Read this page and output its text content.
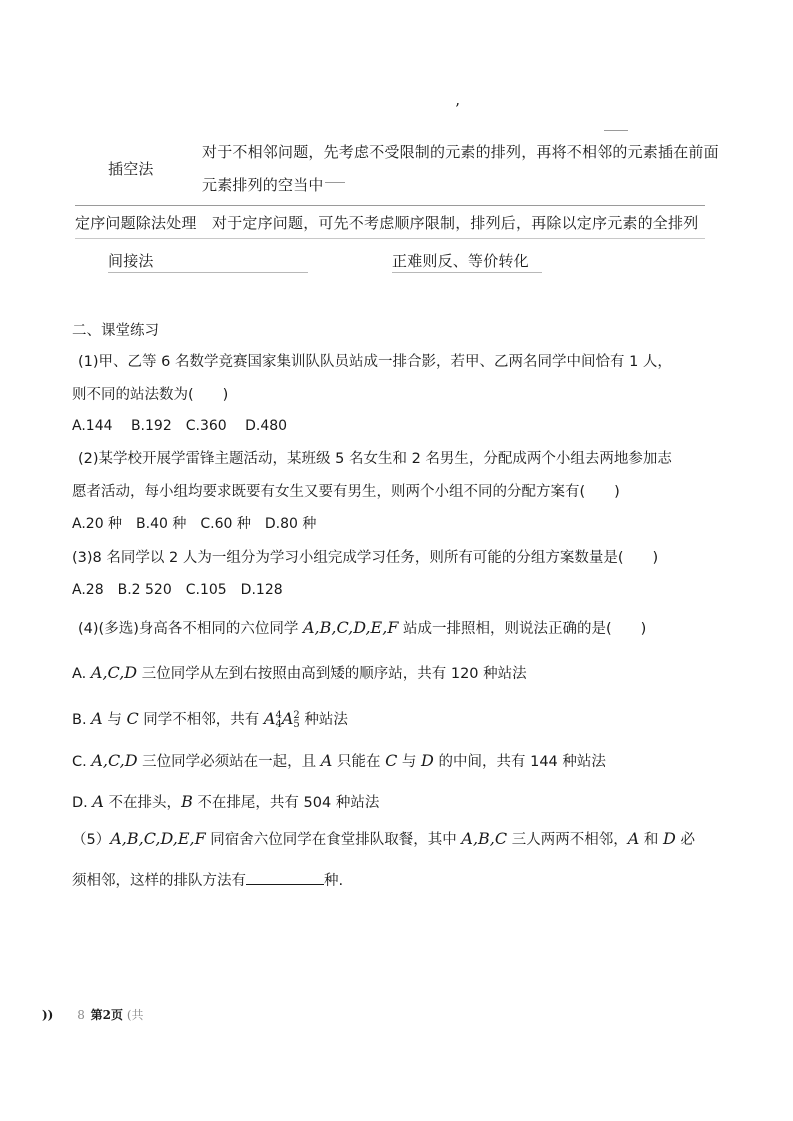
’
插空法
对于不相邻问题，先考虑不受限制的元素的排列，再将不相邻的元素插在前面
元素排列的空当中
定序问题除法处理 对于定序问题，可先不考虑顺序限制，排列后，再除以定序元素的全排列
间接法	正难则反、等价转化
二、课堂练习
(1)甲、乙等 6 名数学竞赛国家集训队队员站成一排合影，若甲、乙两名同学中间恰有 1 人，
则不同的站法数为(　　)
A.144　 B.192　C.360　 D.480
(2)某学校开展学雷锋主题活动，某班级 5 名女生和 2 名男生，分配成两个小组去两地参加志
愿者活动，每小组均要求既要有女生又要有男生，则两个小组不同的分配方案有(　　)
A.20 种　B.40 种　C.60 种　D.80 种
(3)8 名同学以 2 人为一组分为学习小组完成学习任务，则所有可能的分组方案数量是(　　)
A.28　B.2 520　C.105　D.128
(4)(多选)身高各不相同的六位同学 A,B,C,D,E,F 站成一排照相，则说法正确的是(　　)
A. A,C,D 三位同学从左到右按照由高到矮的顺序站，共有 120 种站法
B. A 与 C 同学不相邻，共有 A 4
4 A 2
5 种站法
C. A,C,D 三位同学必须站在一起，且 A 只能在 C 与 D 的中间，共有 144 种站法
D. A 不在排头，B 不在排尾，共有 504 种站法
（5）A,B,C,D,E,F 同宿舍六位同学在食堂排队取餐，其中 A,B,C 三人两两不相邻，A 和 D 必
须相邻，这样的排队方法有	种.
)) 8 第2页 (共
